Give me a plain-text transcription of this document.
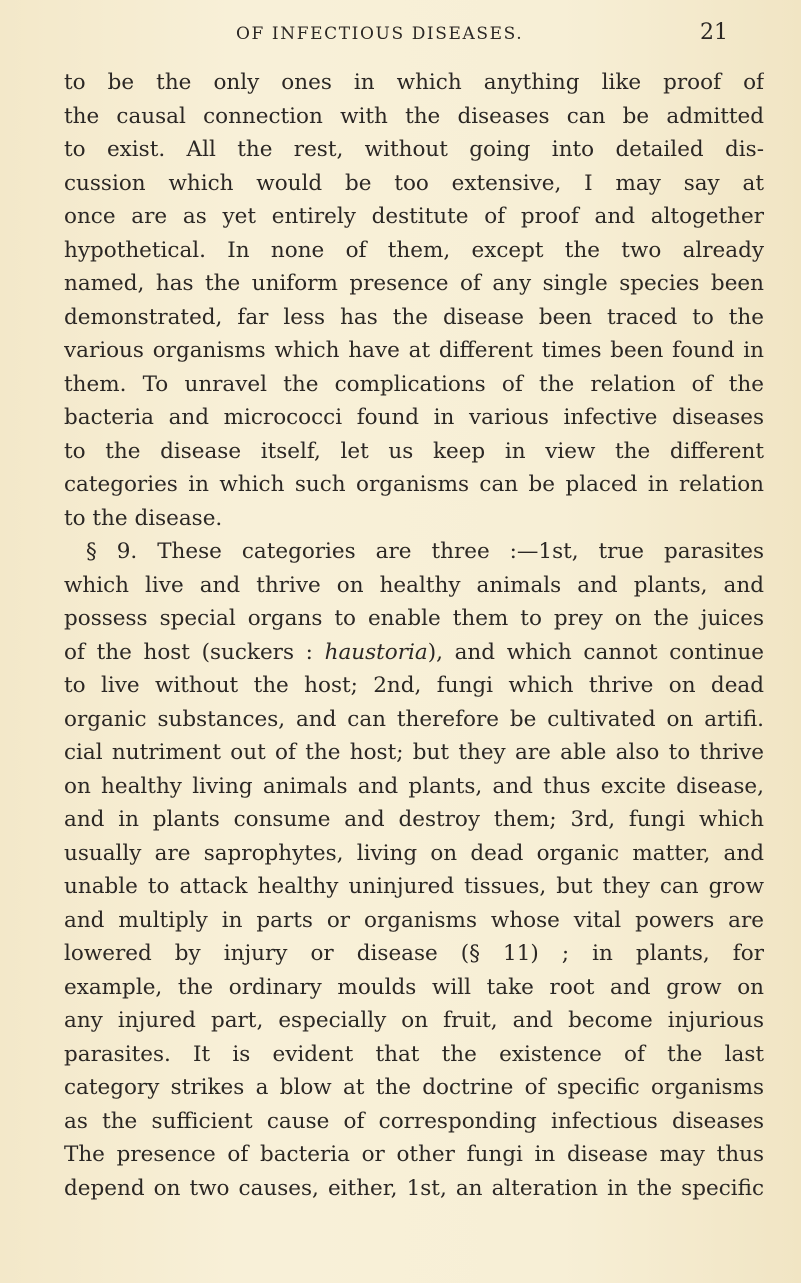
OF INFECTIOUS DISEASES.	21
to be the only ones in which anything like proof of
the causal connection with the diseases can be admitted
to exist. All the rest, without going into detailed dis-
cussion which would be too extensive, I may say at
once are as yet entirely destitute of proof and altogether
hypothetical. In none of them, except the two already
named, has the uniform presence of any single species been
demonstrated, far less has the disease been traced to the
various organisms which have at different times been found in
them. To unravel the complications of the relation of the
bacteria and micrococci found in various infective diseases
to the disease itself, let us keep in view the different
categories in which such organisms can be placed in relation
to the disease.
§ 9. These categories are three :—1st, true parasites
which live and thrive on healthy animals and plants, and
possess special organs to enable them to prey on the juices
of the host (suckers : haustoria), and which cannot continue
to live without the host; 2nd, fungi which thrive on dead
organic substances, and can therefore be cultivated on artifi.
cial nutriment out of the host; but they are able also to thrive
on healthy living animals and plants, and thus excite disease,
and in plants consume and destroy them; 3rd, fungi which
usually are saprophytes, living on dead organic matter, and
unable to attack healthy uninjured tissues, but they can grow
and multiply in parts or organisms whose vital powers are
lowered by injury or disease (§ 11) ; in plants, for
example, the ordinary moulds will take root and grow on
any injured part, especially on fruit, and become injurious
parasites. It is evident that the existence of the last
category strikes a blow at the doctrine of specific organisms
as the sufficient cause of corresponding infectious diseases
The presence of bacteria or other fungi in disease may thus
depend on two causes, either, 1st, an alteration in the specific
